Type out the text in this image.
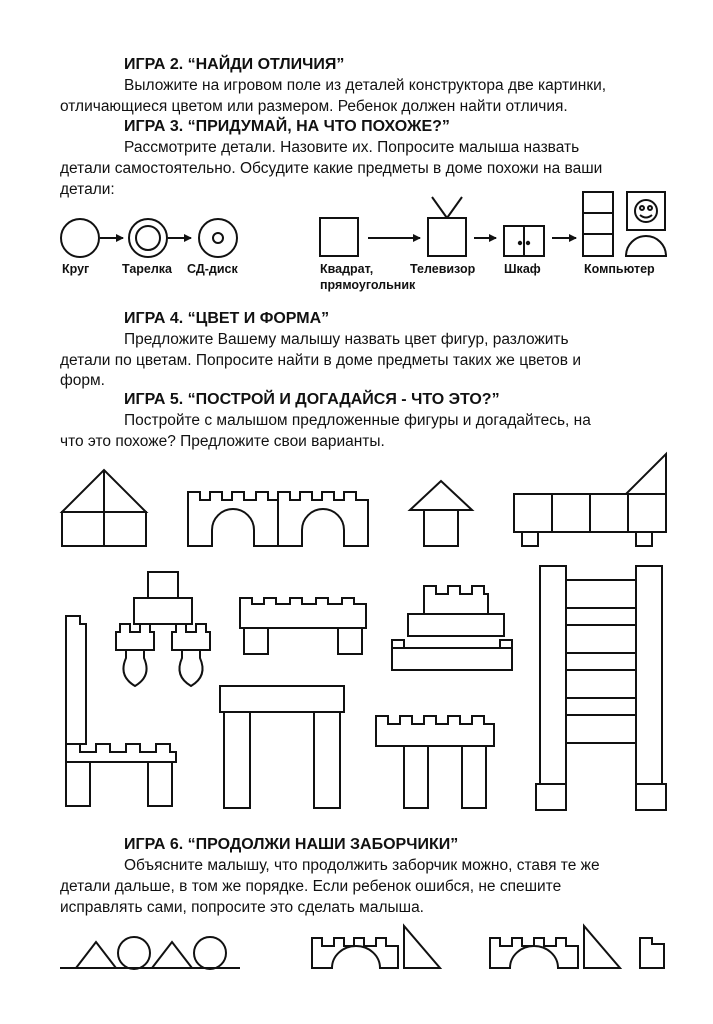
ИГРА 2. “НАЙДИ ОТЛИЧИЯ”
Выложите на игровом поле из деталей конструктора две картинки,
отличающиеся цветом или размером. Ребенок должен найти отличия.
ИГРА 3. “ПРИДУМАЙ, НА ЧТО ПОХОЖЕ?”
Рассмотрите детали. Назовите их. Попросите малыша назвать
детали самостоятельно. Обсудите какие предметы в доме похожи на ваши
детали:
Круг	Тарелка СД-диск	Квадрат,
прямоугольник
Телевизор Шкаф	Компьютер
ИГРА 4. “ЦВЕТ И ФОРМА”
Предложите Вашему малышу назвать цвет фигур, разложить
детали по цветам. Попросите найти в доме предметы таких же цветов и
форм.
ИГРА 5. “ПОСТРОЙ И ДОГАДАЙСЯ - ЧТО ЭТО?”
Постройте с малышом предложенные фигуры и догадайтесь, на
что это похоже? Предложите свои варианты.
ИГРА 6. “ПРОДОЛЖИ НАШИ ЗАБОРЧИКИ”
Объясните малышу, что продолжить заборчик можно, ставя те же
детали дальше, в том же порядке. Если ребенок ошибся, не спешите
исправлять сами, попросите это сделать малыша.
